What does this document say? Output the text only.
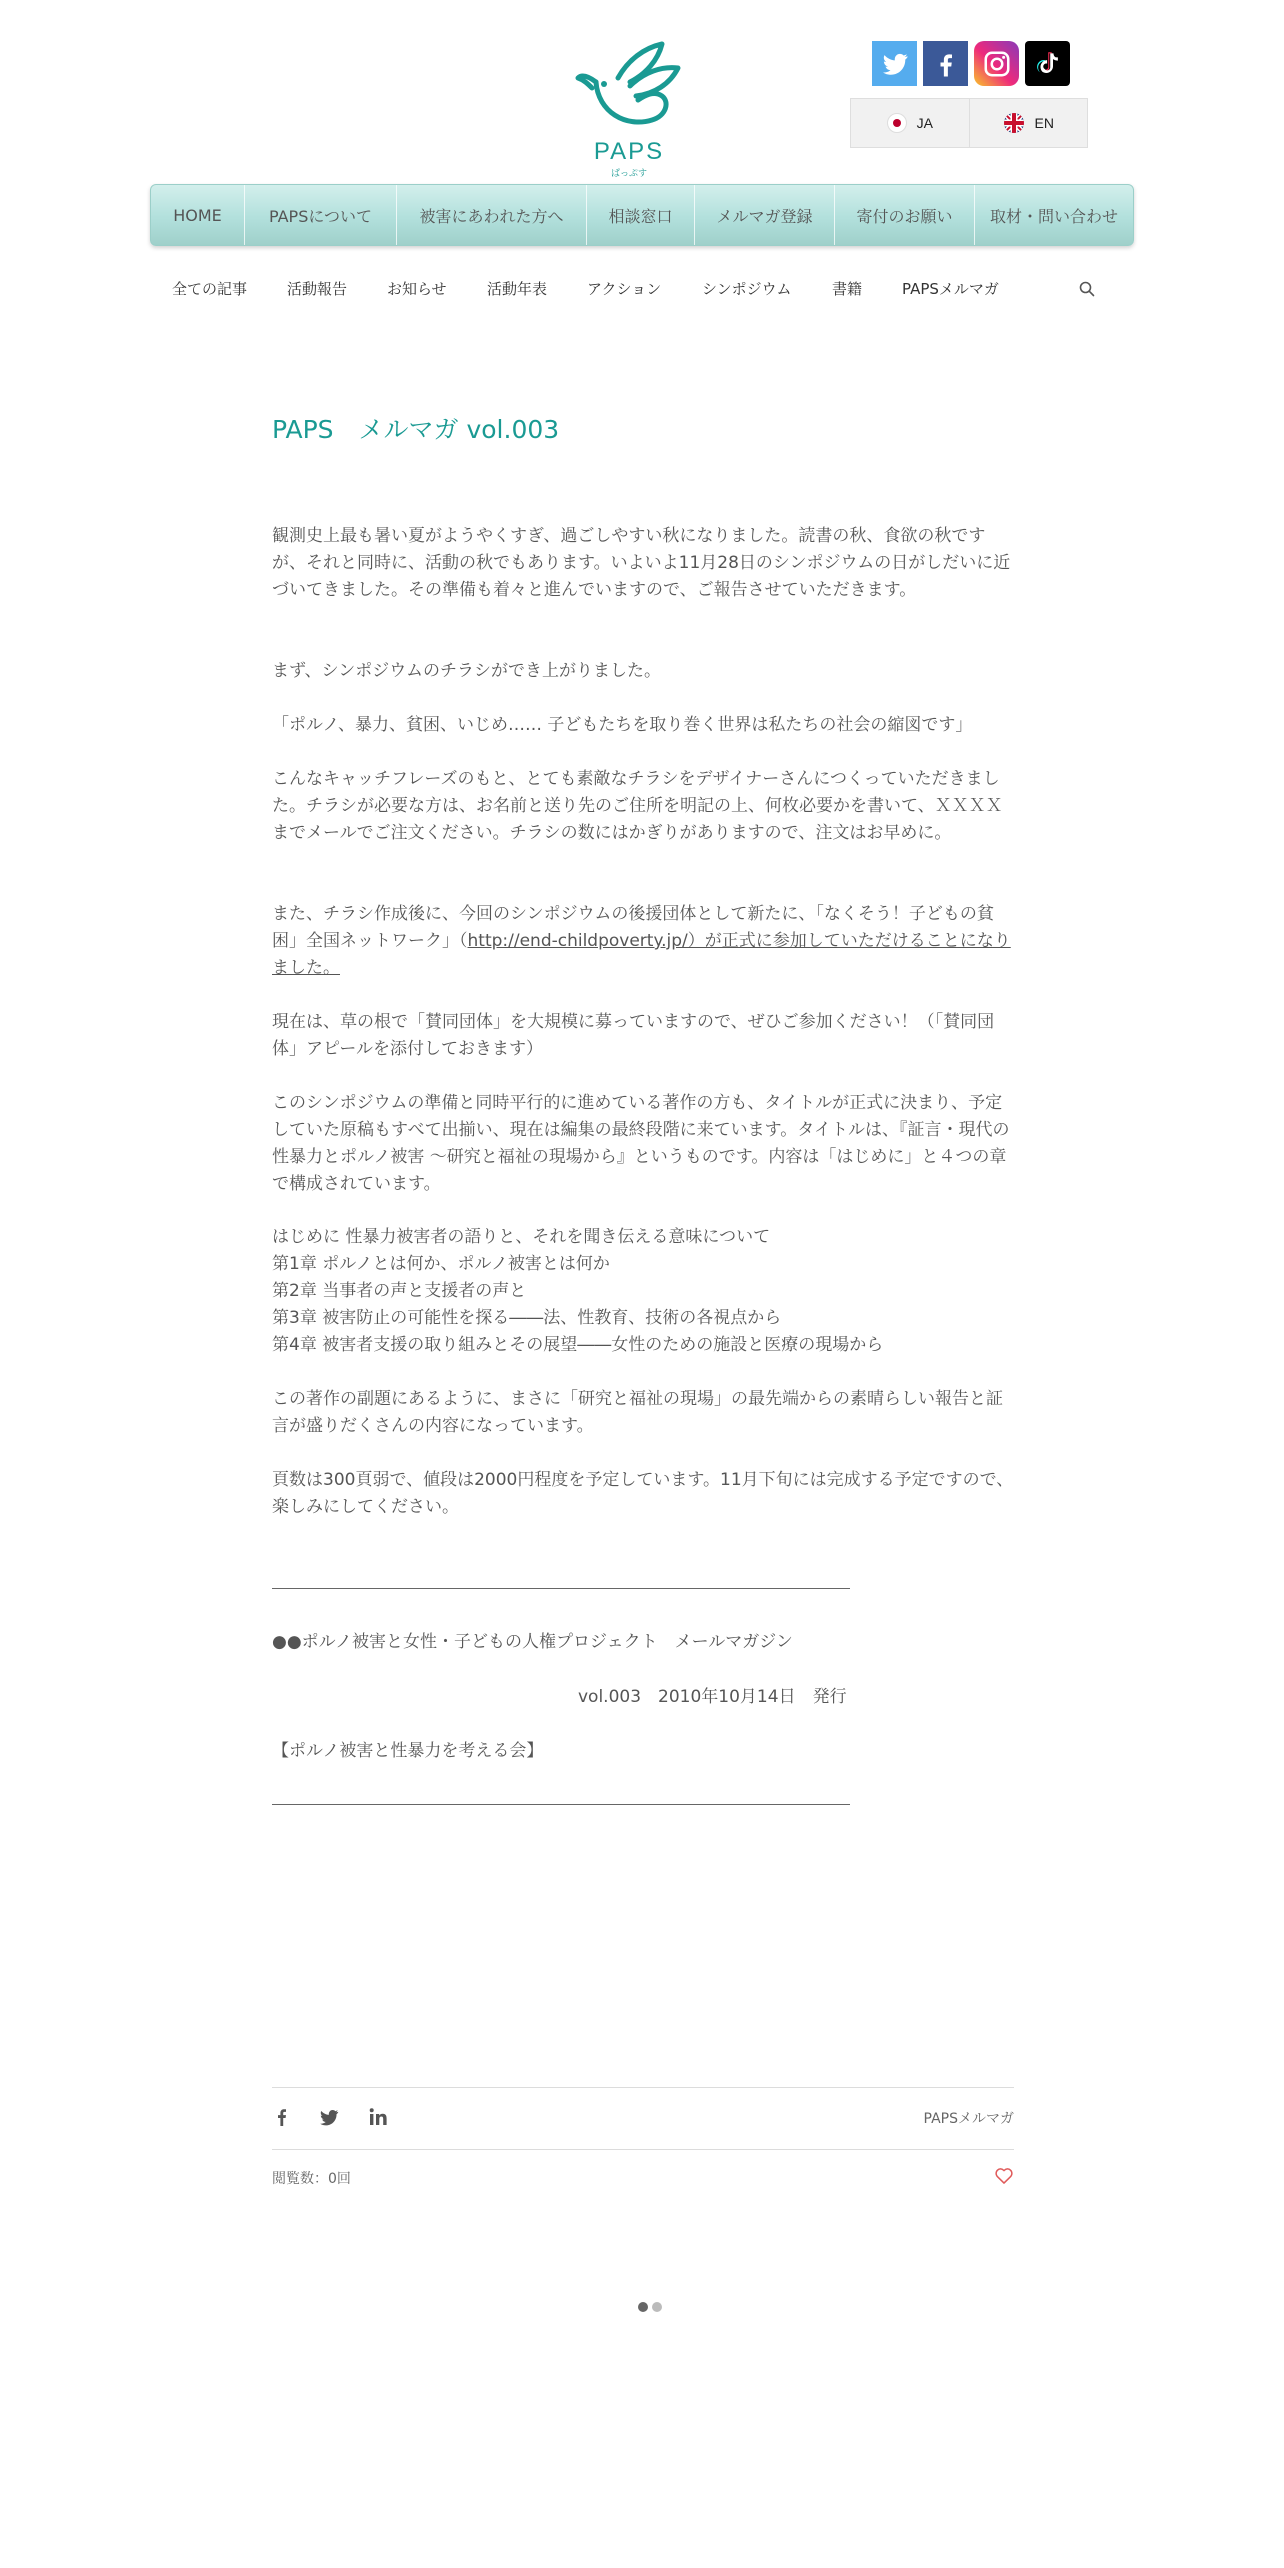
PAPS
ぱっぷす
JA	EN
HOME	PAPSについて	被害にあわれた方へ	相談窓口	メルマガ登録	寄付のお願い	取材・問い合わせ
全ての記事	活動報告	お知らせ	活動年表	アクション	シンポジウム	書籍	PAPSメルマガ
PAPS　メルマガ vol.003

観測史上最も暑い夏がようやくすぎ、過ごしやすい秋になりました。読書の秋、食欲の秋ですが、それと同時に、活動の秋でもあります。いよいよ11月28日のシンポジウムの日がしだいに近づいてきました。その準備も着々と進んでいますので、ご報告させていただきます。

まず、シンポジウムのチラシができ上がりました。

「ポルノ、暴力、貧困、いじめ…… 子どもたちを取り巻く世界は私たちの社会の縮図です」

こんなキャッチフレーズのもと、とても素敵なチラシをデザイナーさんにつくっていただきました。チラシが必要な方は、お名前と送り先のご住所を明記の上、何枚必要かを書いて、ＸＸＸＸ までメールでご注文ください。チラシの数にはかぎりがありますので、注文はお早めに。

また、チラシ作成後に、今回のシンポジウムの後援団体として新たに、「なくそう！子どもの貧困」全国ネットワーク」（http://end-childpoverty.jp/）が正式に参加していただけることになりました。

現在は、草の根で「賛同団体」を大規模に募っていますので、ぜひご参加ください！（「賛同団体」アピールを添付しておきます）

このシンポジウムの準備と同時平行的に進めている著作の方も、タイトルが正式に決まり、予定していた原稿もすべて出揃い、現在は編集の最終段階に来ています。タイトルは、『証言・現代の性暴力とポルノ被害 ～研究と福祉の現場から』というものです。内容は「はじめに」と４つの章で構成されています。

はじめに 性暴力被害者の語りと、それを聞き伝える意味について
第1章 ポルノとは何か、ポルノ被害とは何か
第2章 当事者の声と支援者の声と
第3章 被害防止の可能性を探る――法、性教育、技術の各視点から
第4章 被害者支援の取り組みとその展望――女性のための施設と医療の現場から

この著作の副題にあるように、まさに「研究と福祉の現場」の最先端からの素晴らしい報告と証言が盛りだくさんの内容になっています。

頁数は300頁弱で、値段は2000円程度を予定しています。11月下旬には完成する予定ですので、楽しみにしてください。

●●ポルノ被害と女性・子どもの人権プロジェクト　メールマガジン
vol.003　2010年10月14日　発行
【ポルノ被害と性暴力を考える会】
PAPSメルマガ
閲覧数：0回
